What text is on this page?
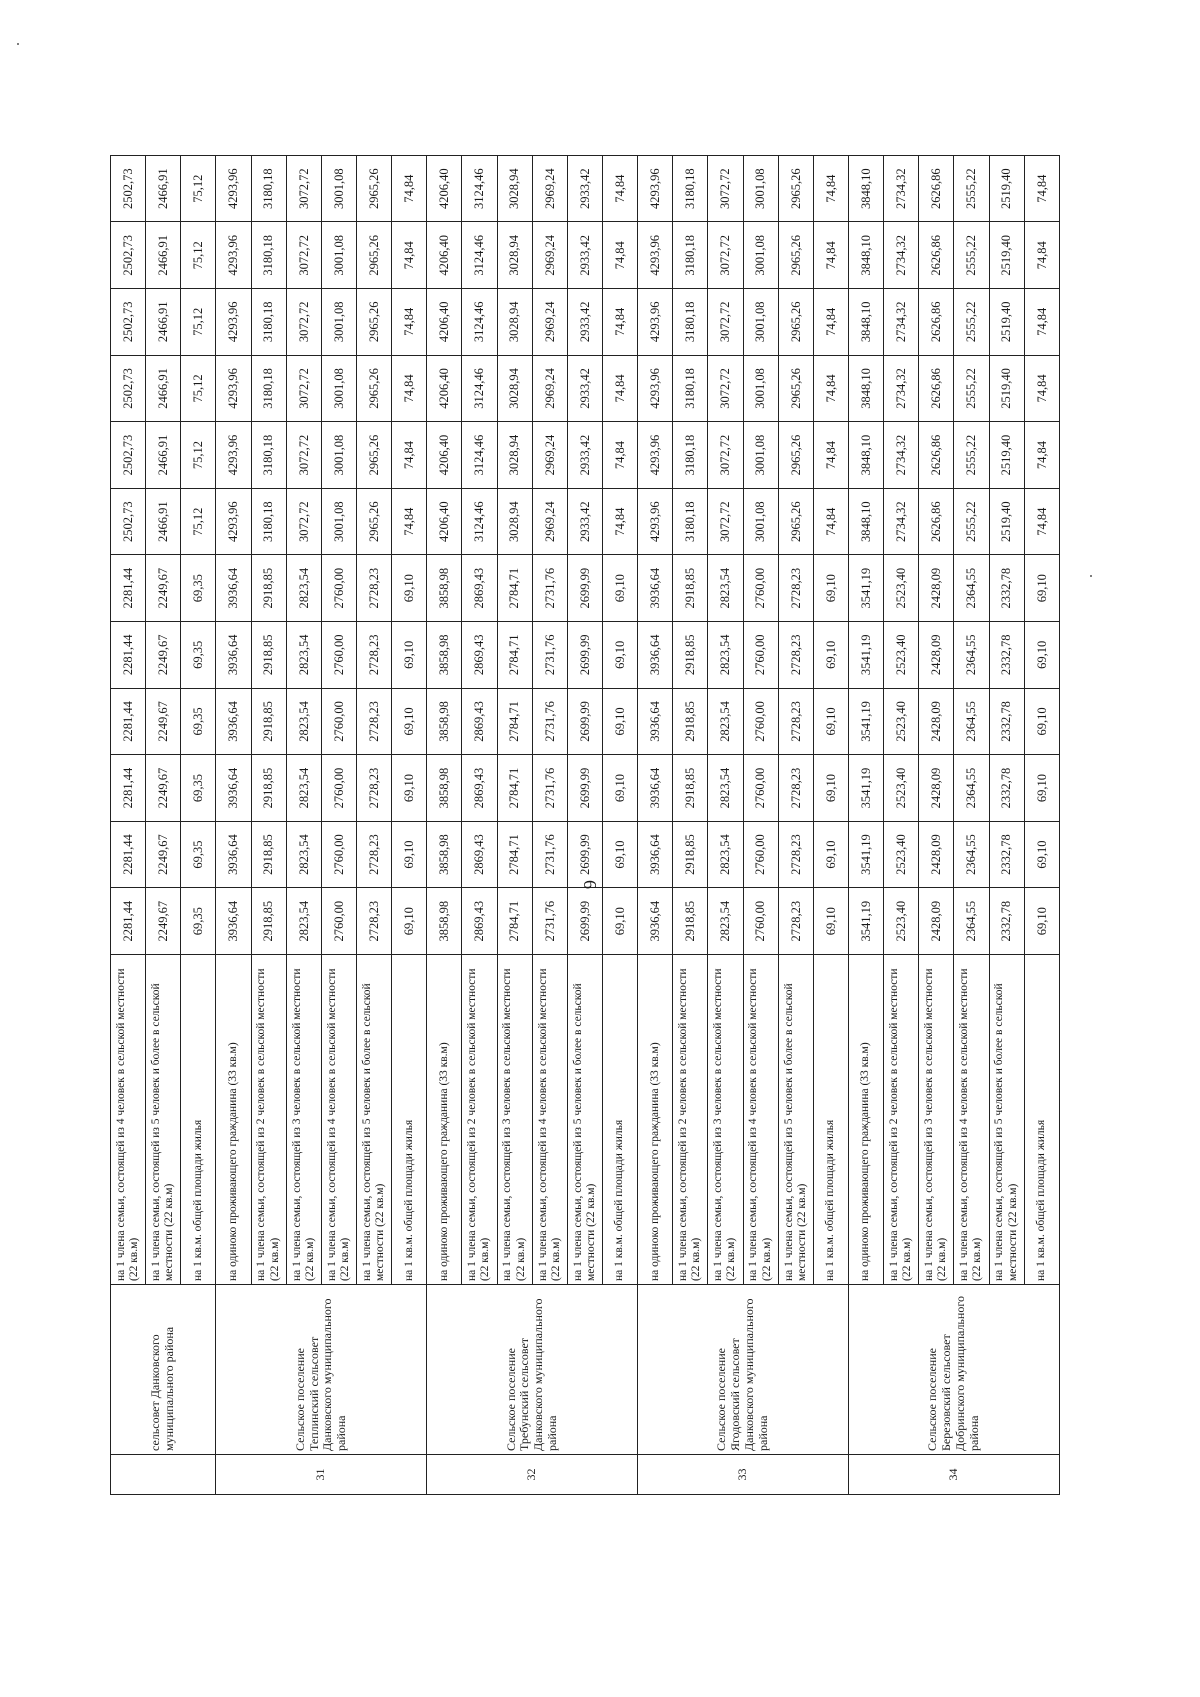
	сельсовет Данковского муниципального района	на 1 члена семьи, состоящей из 4 человек в сельской местности (22 кв.м)	2281,44	2281,44	2281,44	2281,44	2281,44	2281,44	2502,73	2502,73	2502,73	2502,73	2502,73	2502,73
		на 1 члена семьи, состоящей из 5 человек и более в сельской местности (22 кв.м)	2249,67	2249,67	2249,67	2249,67	2249,67	2249,67	2466,91	2466,91	2466,91	2466,91	2466,91	2466,91
		на 1 кв.м. общей площади жилья	69,35	69,35	69,35	69,35	69,35	69,35	75,12	75,12	75,12	75,12	75,12	75,12
31	Сельское поселение Теплинский сельсовет Данковского муниципального района	на одиноко проживающего гражданина (33 кв.м)	3936,64	3936,64	3936,64	3936,64	3936,64	3936,64	4293,96	4293,96	4293,96	4293,96	4293,96	4293,96
		на 1 члена семьи, состоящей из 2 человек в сельской местности (22 кв.м)	2918,85	2918,85	2918,85	2918,85	2918,85	2918,85	3180,18	3180,18	3180,18	3180,18	3180,18	3180,18
		на 1 члена семьи, состоящей из 3 человек в сельской местности (22 кв.м)	2823,54	2823,54	2823,54	2823,54	2823,54	2823,54	3072,72	3072,72	3072,72	3072,72	3072,72	3072,72
		на 1 члена семьи, состоящей из 4 человек в сельской местности (22 кв.м)	2760,00	2760,00	2760,00	2760,00	2760,00	2760,00	3001,08	3001,08	3001,08	3001,08	3001,08	3001,08
		на 1 члена семьи, состоящей из 5 человек и более в сельской местности (22 кв.м)	2728,23	2728,23	2728,23	2728,23	2728,23	2728,23	2965,26	2965,26	2965,26	2965,26	2965,26	2965,26
		на 1 кв.м. общей площади жилья	69,10	69,10	69,10	69,10	69,10	69,10	74,84	74,84	74,84	74,84	74,84	74,84
32	Сельское поселение Требунский сельсовет Данковского муниципального района	на одиноко проживающего гражданина (33 кв.м)	3858,98	3858,98	3858,98	3858,98	3858,98	3858,98	4206,40	4206,40	4206,40	4206,40	4206,40	4206,40
		на 1 члена семьи, состоящей из 2 человек в сельской местности (22 кв.м)	2869,43	2869,43	2869,43	2869,43	2869,43	2869,43	3124,46	3124,46	3124,46	3124,46	3124,46	3124,46
		на 1 члена семьи, состоящей из 3 человек в сельской местности (22 кв.м)	2784,71	2784,71	2784,71	2784,71	2784,71	2784,71	3028,94	3028,94	3028,94	3028,94	3028,94	3028,94
		на 1 члена семьи, состоящей из 4 человек в сельской местности (22 кв.м)	2731,76	2731,76	2731,76	2731,76	2731,76	2731,76	2969,24	2969,24	2969,24	2969,24	2969,24	2969,24
		на 1 члена семьи, состоящей из 5 человек и более в сельской местности (22 кв.м)	2699,99	2699,99	2699,99	2699,99	2699,99	2699,99	2933,42	2933,42	2933,42	2933,42	2933,42	2933,42
		на 1 кв.м. общей площади жилья	69,10	69,10	69,10	69,10	69,10	69,10	74,84	74,84	74,84	74,84	74,84	74,84
33	Сельское поселение Ягодовский сельсовет Данковского муниципального района	на одиноко проживающего гражданина (33 кв.м)	3936,64	3936,64	3936,64	3936,64	3936,64	3936,64	4293,96	4293,96	4293,96	4293,96	4293,96	4293,96
		на 1 члена семьи, состоящей из 2 человек в сельской местности (22 кв.м)	2918,85	2918,85	2918,85	2918,85	2918,85	2918,85	3180,18	3180,18	3180,18	3180,18	3180,18	3180,18
		на 1 члена семьи, состоящей из 3 человек в сельской местности (22 кв.м)	2823,54	2823,54	2823,54	2823,54	2823,54	2823,54	3072,72	3072,72	3072,72	3072,72	3072,72	3072,72
		на 1 члена семьи, состоящей из 4 человек в сельской местности (22 кв.м)	2760,00	2760,00	2760,00	2760,00	2760,00	2760,00	3001,08	3001,08	3001,08	3001,08	3001,08	3001,08
		на 1 члена семьи, состоящей из 5 человек и более в сельской местности (22 кв.м)	2728,23	2728,23	2728,23	2728,23	2728,23	2728,23	2965,26	2965,26	2965,26	2965,26	2965,26	2965,26
		на 1 кв.м. общей площади жилья	69,10	69,10	69,10	69,10	69,10	69,10	74,84	74,84	74,84	74,84	74,84	74,84
34	Сельское поселение Березовский сельсовет Добринского муниципального района	на одиноко проживающего гражданина (33 кв.м)	3541,19	3541,19	3541,19	3541,19	3541,19	3541,19	3848,10	3848,10	3848,10	3848,10	3848,10	3848,10
		на 1 члена семьи, состоящей из 2 человек в сельской местности (22 кв.м)	2523,40	2523,40	2523,40	2523,40	2523,40	2523,40	2734,32	2734,32	2734,32	2734,32	2734,32	2734,32
		на 1 члена семьи, состоящей из 3 человек в сельской местности (22 кв.м)	2428,09	2428,09	2428,09	2428,09	2428,09	2428,09	2626,86	2626,86	2626,86	2626,86	2626,86	2626,86
		на 1 члена семьи, состоящей из 4 человек в сельской местности (22 кв.м)	2364,55	2364,55	2364,55	2364,55	2364,55	2364,55	2555,22	2555,22	2555,22	2555,22	2555,22	2555,22
		на 1 члена семьи, состоящей из 5 человек и более в сельской местности (22 кв.м)	2332,78	2332,78	2332,78	2332,78	2332,78	2332,78	2519,40	2519,40	2519,40	2519,40	2519,40	2519,40
		на 1 кв.м. общей площади жилья	69,10	69,10	69,10	69,10	69,10	69,10	74,84	74,84	74,84	74,84	74,84	74,84
6
